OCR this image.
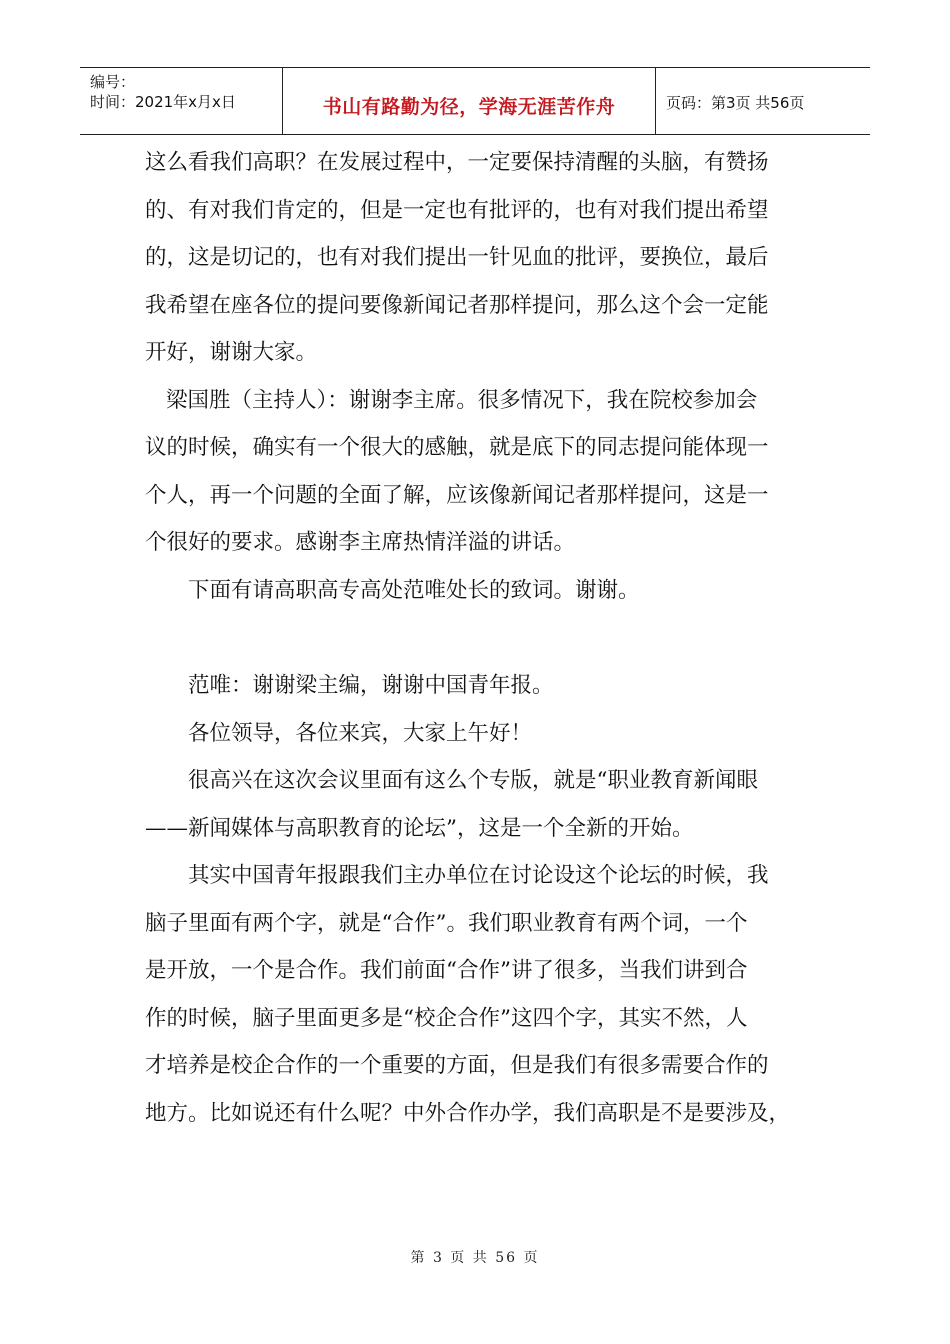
编号：
时间：2021年x月x日	书山有路勤为径，学海无涯苦作舟	页码：第3页 共56页

这么看我们高职？在发展过程中，一定要保持清醒的头脑，有赞扬

的、有对我们肯定的，但是一定也有批评的，也有对我们提出希望

的，这是切记的，也有对我们提出一针见血的批评，要换位，最后

我希望在座各位的提问要像新闻记者那样提问，那么这个会一定能

开好，谢谢大家。

梁国胜（主持人）：谢谢李主席。很多情况下，我在院校参加会

议的时候，确实有一个很大的感触，就是底下的同志提问能体现一

个人，再一个问题的全面了解，应该像新闻记者那样提问，这是一

个很好的要求。感谢李主席热情洋溢的讲话。

下面有请高职高专高处范唯处长的致词。谢谢。

范唯：谢谢梁主编，谢谢中国青年报。

各位领导，各位来宾，大家上午好！

很高兴在这次会议里面有这么个专版，就是“职业教育新闻眼

——新闻媒体与高职教育的论坛”，这是一个全新的开始。

其实中国青年报跟我们主办单位在讨论设这个论坛的时候，我

脑子里面有两个字，就是“合作”。我们职业教育有两个词，一个

是开放，一个是合作。我们前面“合作”讲了很多，当我们讲到合

作的时候，脑子里面更多是“校企合作”这四个字，其实不然，人

才培养是校企合作的一个重要的方面，但是我们有很多需要合作的

地方。比如说还有什么呢？中外合作办学，我们高职是不是要涉及，

第 3 页 共 56 页
